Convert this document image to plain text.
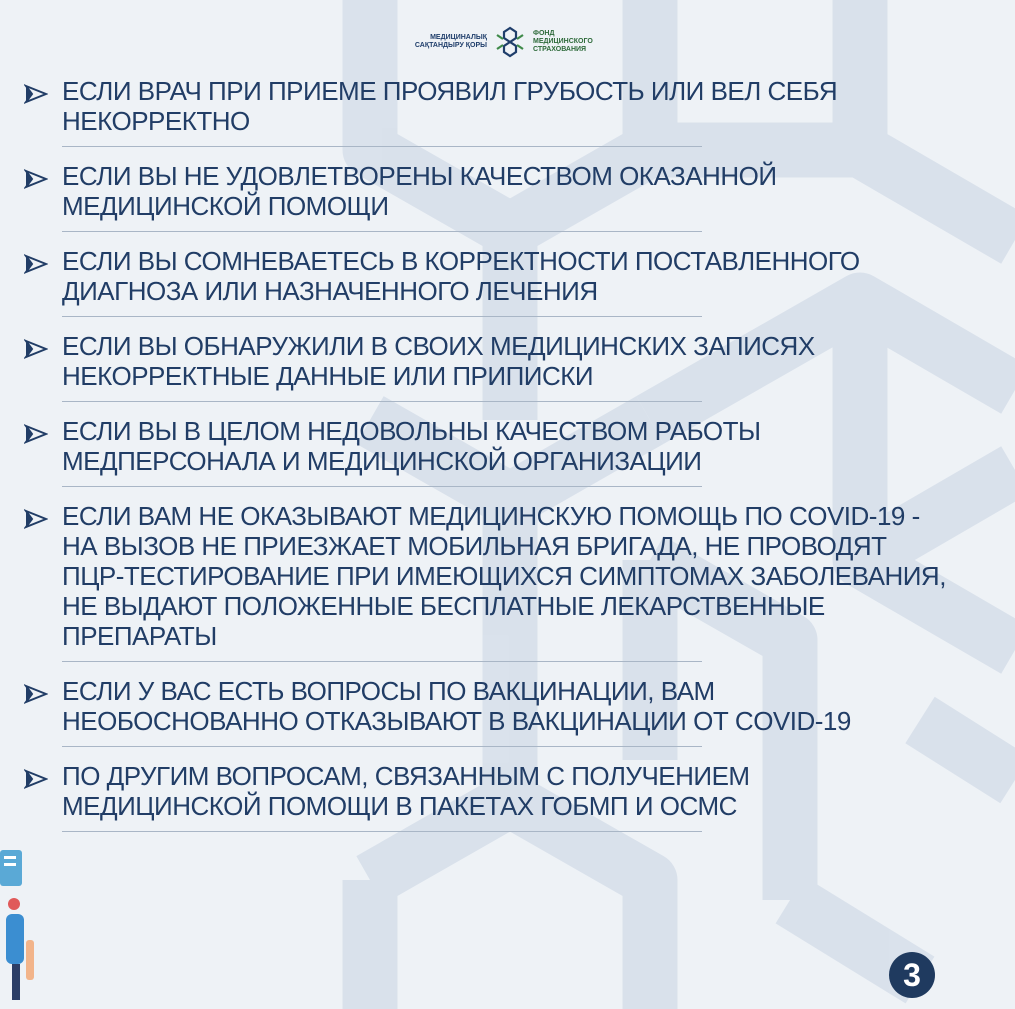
МЕДИЦИНАЛЫҚ САҚТАНДЫРУ ҚОРЫ
ФОНД МЕДИЦИНСКОГО СТРАХОВАНИЯ
ЕСЛИ ВРАЧ ПРИ ПРИЕМЕ ПРОЯВИЛ ГРУБОСТЬ ИЛИ ВЕЛ СЕБЯ НЕКОРРЕКТНО
ЕСЛИ ВЫ НЕ УДОВЛЕТВОРЕНЫ КАЧЕСТВОМ ОКАЗАННОЙ МЕДИЦИНСКОЙ ПОМОЩИ
ЕСЛИ ВЫ СОМНЕВАЕТЕСЬ В КОРРЕКТНОСТИ ПОСТАВЛЕННОГО ДИАГНОЗА ИЛИ НАЗНАЧЕННОГО ЛЕЧЕНИЯ
ЕСЛИ ВЫ ОБНАРУЖИЛИ В СВОИХ МЕДИЦИНСКИХ ЗАПИСЯХ НЕКОРРЕКТНЫЕ ДАННЫЕ ИЛИ ПРИПИСКИ
ЕСЛИ ВЫ В ЦЕЛОМ НЕДОВОЛЬНЫ КАЧЕСТВОМ РАБОТЫ МЕДПЕРСОНАЛА И МЕДИЦИНСКОЙ ОРГАНИЗАЦИИ
ЕСЛИ ВАМ НЕ ОКАЗЫВАЮТ МЕДИЦИНСКУЮ ПОМОЩЬ ПО COVID-19 - НА ВЫЗОВ НЕ ПРИЕЗЖАЕТ МОБИЛЬНАЯ БРИГАДА, НЕ ПРОВОДЯТ ПЦР-ТЕСТИРОВАНИЕ ПРИ ИМЕЮЩИХСЯ СИМПТОМАХ ЗАБОЛЕВАНИЯ, НЕ ВЫДАЮТ ПОЛОЖЕННЫЕ БЕСПЛАТНЫЕ ЛЕКАРСТВЕННЫЕ ПРЕПАРАТЫ
ЕСЛИ У ВАС ЕСТЬ ВОПРОСЫ ПО ВАКЦИНАЦИИ, ВАМ НЕОБОСНОВАННО ОТКАЗЫВАЮТ В ВАКЦИНАЦИИ ОТ COVID-19
ПО ДРУГИМ ВОПРОСАМ, СВЯЗАННЫМ С ПОЛУЧЕНИЕМ МЕДИЦИНСКОЙ ПОМОЩИ В ПАКЕТАХ ГОБМП И ОСМС
3
